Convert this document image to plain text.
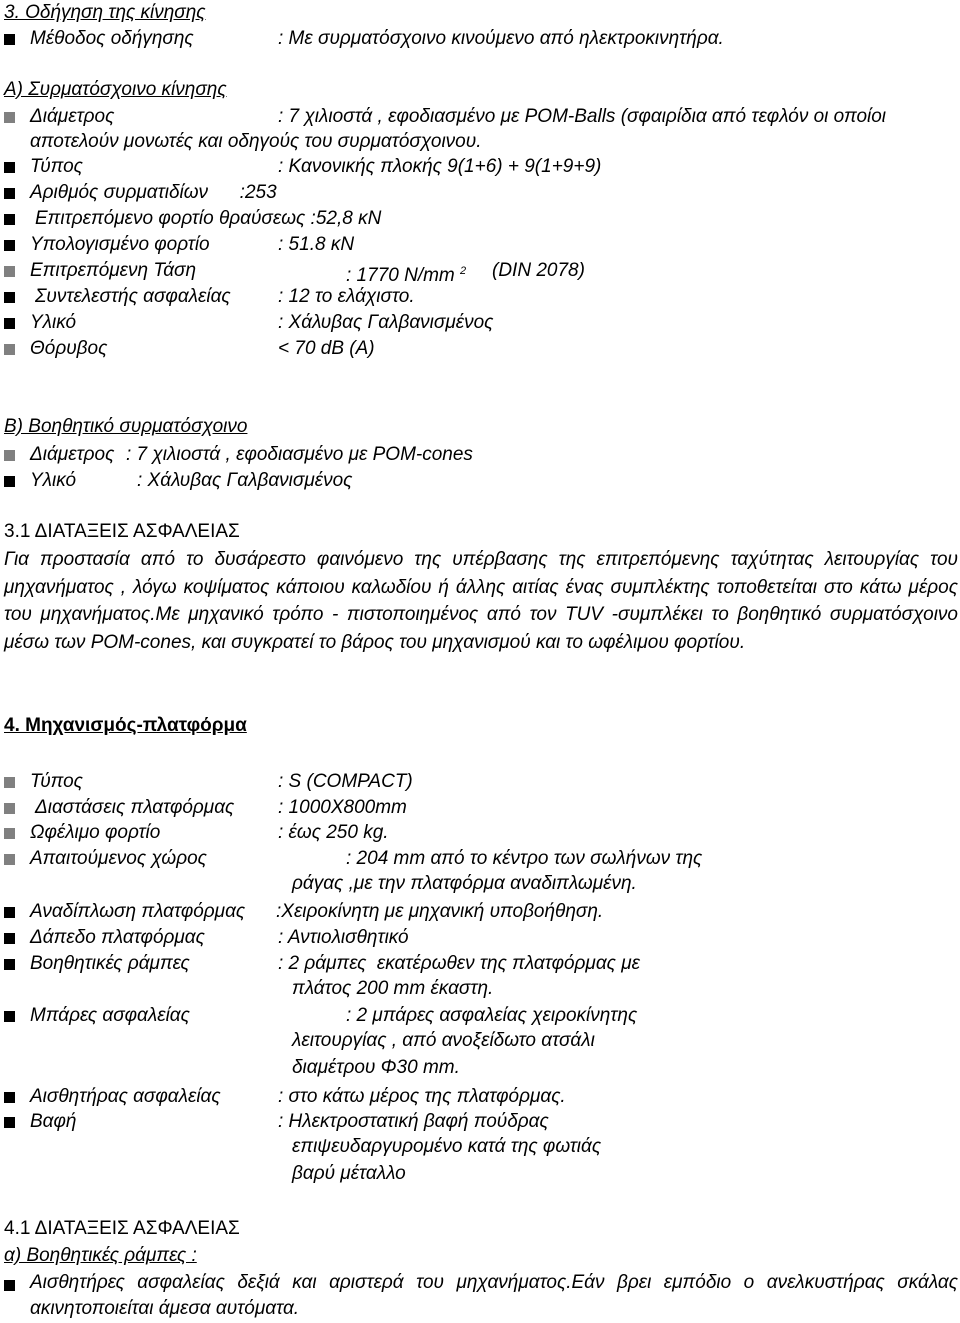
3. Οδήγηση της κίνησης
Μέθοδος οδήγησης	: Με συρματόσχοινο κινούμενο από ηλεκτροκινητήρα.
Α) Συρματόσχοινο κίνησης
Διάμετρος	: 7 χιλιοστά , εφοδιασμένο με POM-Balls (σφαιρίδια από τεφλόν οι οποίοι
αποτελούν μονωτές και οδηγούς του συρματόσχοινου.
Τύπος	: Κανονικής πλοκής 9(1+6) + 9(1+9+9)
Αριθμός συρματιδίων      :253
Επιτρεπόμενο φορτίο θραύσεως :52,8 κΝ
Υπολογισμένο φορτίο	: 51.8 κΝ
Επιτρεπόμενη Τάση	: 1770 N/mm $^2$ (DIN 2078)
Συντελεστής ασφαλείας : 12 το ελάχιστο.
Υλικό	: Χάλυβας Γαλβανισμένος
Θόρυβος	< 70 dB (A)
Β) Βοηθητικό συρματόσχοινο
Διάμετρος : 7 χιλιοστά , εφοδιασμένο με POM-cones
Υλικό	: Χάλυβας Γαλβανισμένος
3.1 ΔΙΑΤΑΞΕΙΣ ΑΣΦΑΛΕΙΑΣ
Για προστασία από το δυσάρεστο φαινόμενο της υπέρβασης της επιτρεπόμενης ταχύτητας λειτουργίας του μηχανήματος , λόγω κοψίματος κάποιου καλωδίου ή άλλης αιτίας ένας συμπλέκτης τοποθετείται στο κάτω μέρος του μηχανήματος.Με μηχανικό τρόπο - πιστοποιημένος από τον TUV -συμπλέκει το βοηθητικό συρματόσχοινο μέσω των POM-cones, και συγκρατεί το βάρος του μηχανισμού και το ωφέλιμου φορτίου.
4. Μηχανισμός-πλατφόρμα
Τύπος	: S (COMPACT)
Διαστάσεις πλατφόρμας : 1000X800mm
Ωφέλιμο φορτίο	: έως 250 kg.
Απαιτούμενος χώρος	: 204 mm από το κέντρο των σωλήνων της
ράγας ,με την πλατφόρμα αναδιπλωμένη.
Αναδίπλωση πλατφόρμας :Χειροκίνητη με μηχανική υποβοήθηση.
Δάπεδο πλατφόρμας	: Αντιολισθητικό
Βοηθητικές ράμπες	: 2 ράμπες  εκατέρωθεν της πλατφόρμας με
πλάτος 200 mm έκαστη.
Μπάρες ασφαλείας	: 2 μπάρες ασφαλείας χειροκίνητης
λειτουργίας , από ανοξείδωτο ατσάλι
διαμέτρου Φ30 mm.
Αισθητήρας ασφαλείας	: στο κάτω μέρος της πλατφόρμας.
Βαφή	: Ηλεκτροστατική βαφή πούδρας
επιψευδαργυρομένο κατά της φωτιάς
βαρύ μέταλλο
4.1 ΔΙΑΤΑΞΕΙΣ ΑΣΦΑΛΕΙΑΣ
α) Βοηθητικές ράμπες :
Αισθητήρες ασφαλείας δεξιά και αριστερά του μηχανήματος.Εάν βρει εμπόδιο ο ανελκυστήρας σκάλας ακινητοποιείται άμεσα αυτόματα.
